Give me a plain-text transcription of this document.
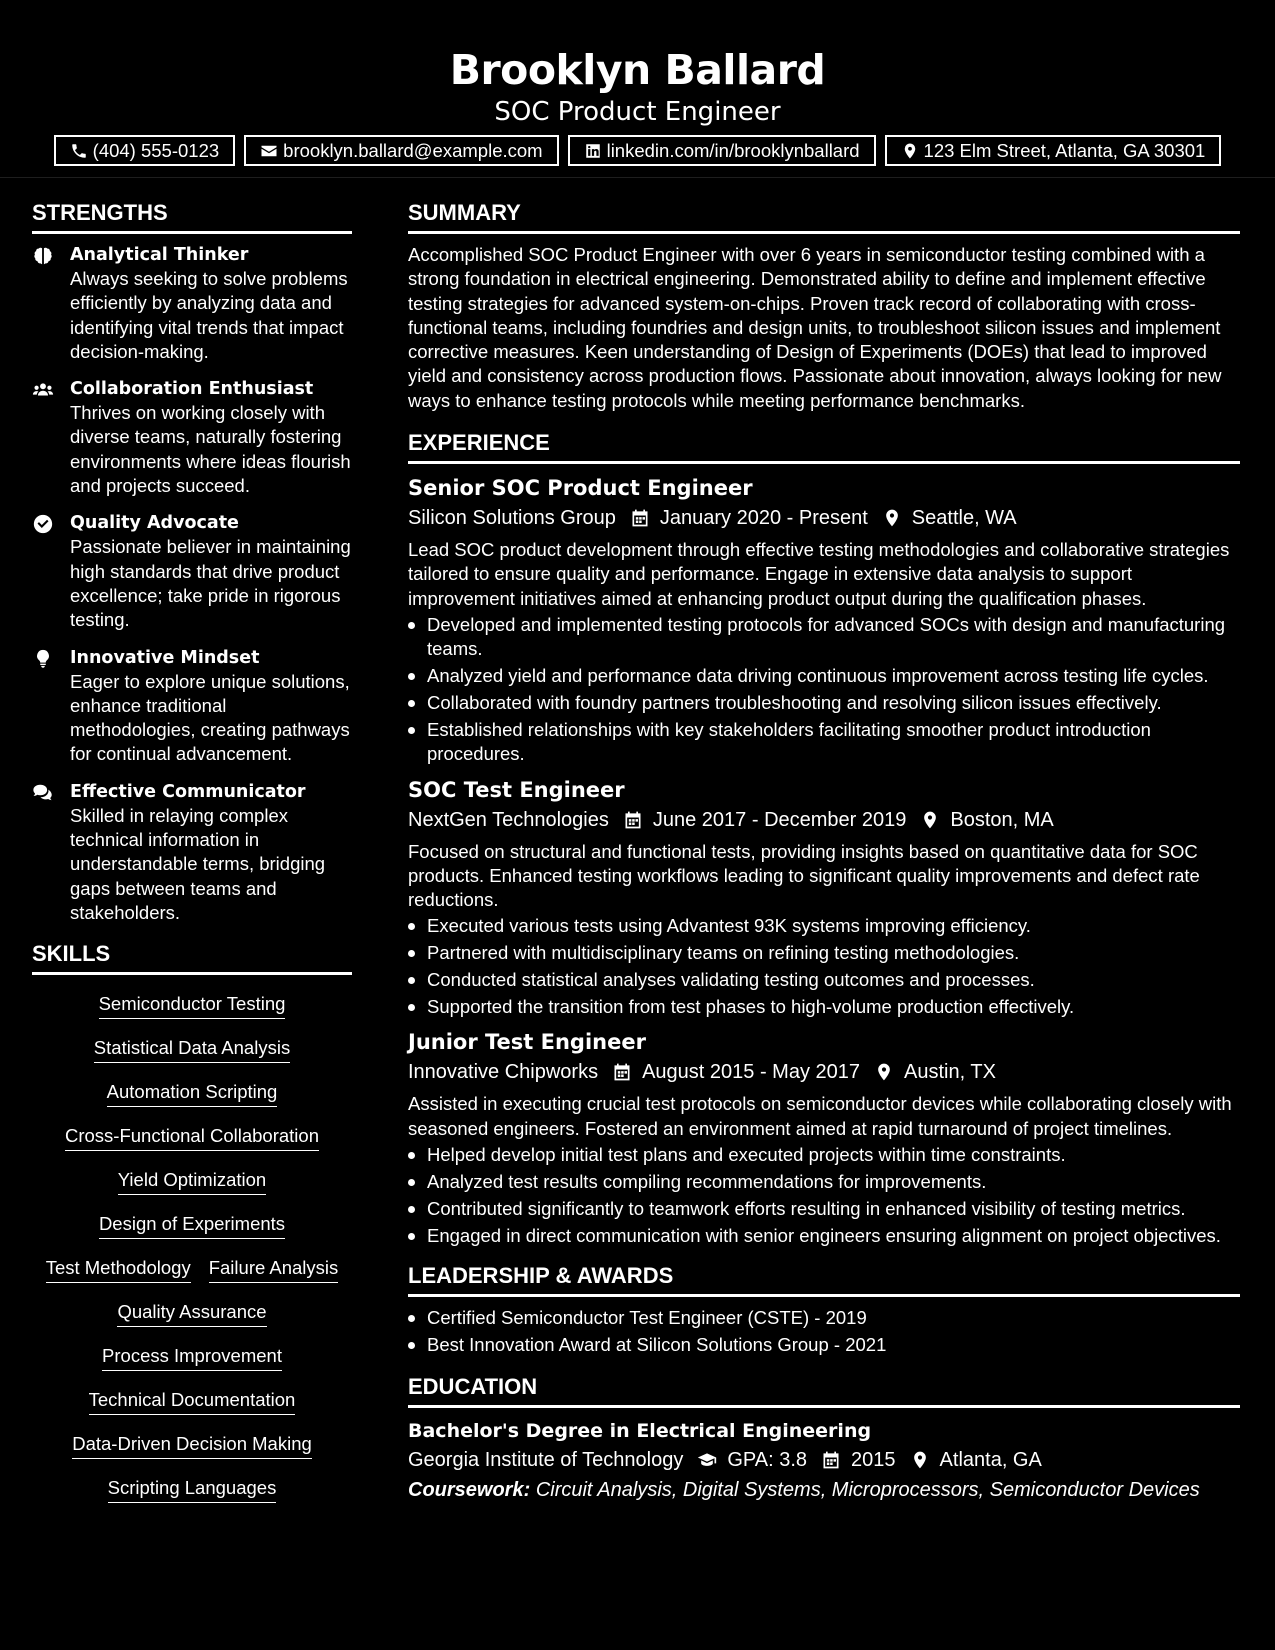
Brooklyn Ballard
SOC Product Engineer
(404) 555-0123	brooklyn.ballard@example.com	linkedin.com/in/brooklynballard	123 Elm Street, Atlanta, GA 30301
STRENGTHS
Analytical Thinker
Always seeking to solve problems efficiently by analyzing data and identifying vital trends that impact decision-making.
Collaboration Enthusiast
Thrives on working closely with diverse teams, naturally fostering environments where ideas flourish and projects succeed.
Quality Advocate
Passionate believer in maintaining high standards that drive product excellence; take pride in rigorous testing.
Innovative Mindset
Eager to explore unique solutions, enhance traditional methodologies, creating pathways for continual advancement.
Effective Communicator
Skilled in relaying complex technical information in understandable terms, bridging gaps between teams and stakeholders.
SKILLS
Semiconductor Testing
Statistical Data Analysis
Automation Scripting
Cross-Functional Collaboration
Yield Optimization
Design of Experiments
Test Methodology Failure Analysis
Quality Assurance
Process Improvement
Technical Documentation
Data-Driven Decision Making
Scripting Languages
SUMMARY

Accomplished SOC Product Engineer with over 6 years in semiconductor testing combined with a strong foundation in electrical engineering. Demonstrated ability to define and implement effective testing strategies for advanced system-on-chips. Proven track record of collaborating with cross-functional teams, including foundries and design units, to troubleshoot silicon issues and implement corrective measures. Keen understanding of Design of Experiments (DOEs) that lead to improved yield and consistency across production flows. Passionate about innovation, always looking for new ways to enhance testing protocols while meeting performance benchmarks.

EXPERIENCE
Senior SOC Product Engineer
Silicon Solutions Group January 2020 - Present Seattle, WA

Lead SOC product development through effective testing methodologies and collaborative strategies tailored to ensure quality and performance. Engage in extensive data analysis to support improvement initiatives aimed at enhancing product output during the qualification phases.

Developed and implemented testing protocols for advanced SOCs with design and manufacturing teams.
Analyzed yield and performance data driving continuous improvement across testing life cycles.
Collaborated with foundry partners troubleshooting and resolving silicon issues effectively.
Established relationships with key stakeholders facilitating smoother product introduction procedures.
SOC Test Engineer
NextGen Technologies June 2017 - December 2019 Boston, MA

Focused on structural and functional tests, providing insights based on quantitative data for SOC products. Enhanced testing workflows leading to significant quality improvements and defect rate reductions.

Executed various tests using Advantest 93K systems improving efficiency.
Partnered with multidisciplinary teams on refining testing methodologies.
Conducted statistical analyses validating testing outcomes and processes.
Supported the transition from test phases to high-volume production effectively.
Junior Test Engineer
Innovative Chipworks August 2015 - May 2017 Austin, TX

Assisted in executing crucial test protocols on semiconductor devices while collaborating closely with seasoned engineers. Fostered an environment aimed at rapid turnaround of project timelines.

Helped develop initial test plans and executed projects within time constraints.
Analyzed test results compiling recommendations for improvements.
Contributed significantly to teamwork efforts resulting in enhanced visibility of testing metrics.
Engaged in direct communication with senior engineers ensuring alignment on project objectives.
LEADERSHIP & AWARDS
Certified Semiconductor Test Engineer (CSTE) - 2019
Best Innovation Award at Silicon Solutions Group - 2021
EDUCATION
Bachelor's Degree in Electrical Engineering
Georgia Institute of Technology GPA: 3.8 2015 Atlanta, GA
Coursework: Circuit Analysis, Digital Systems, Microprocessors, Semiconductor Devices
